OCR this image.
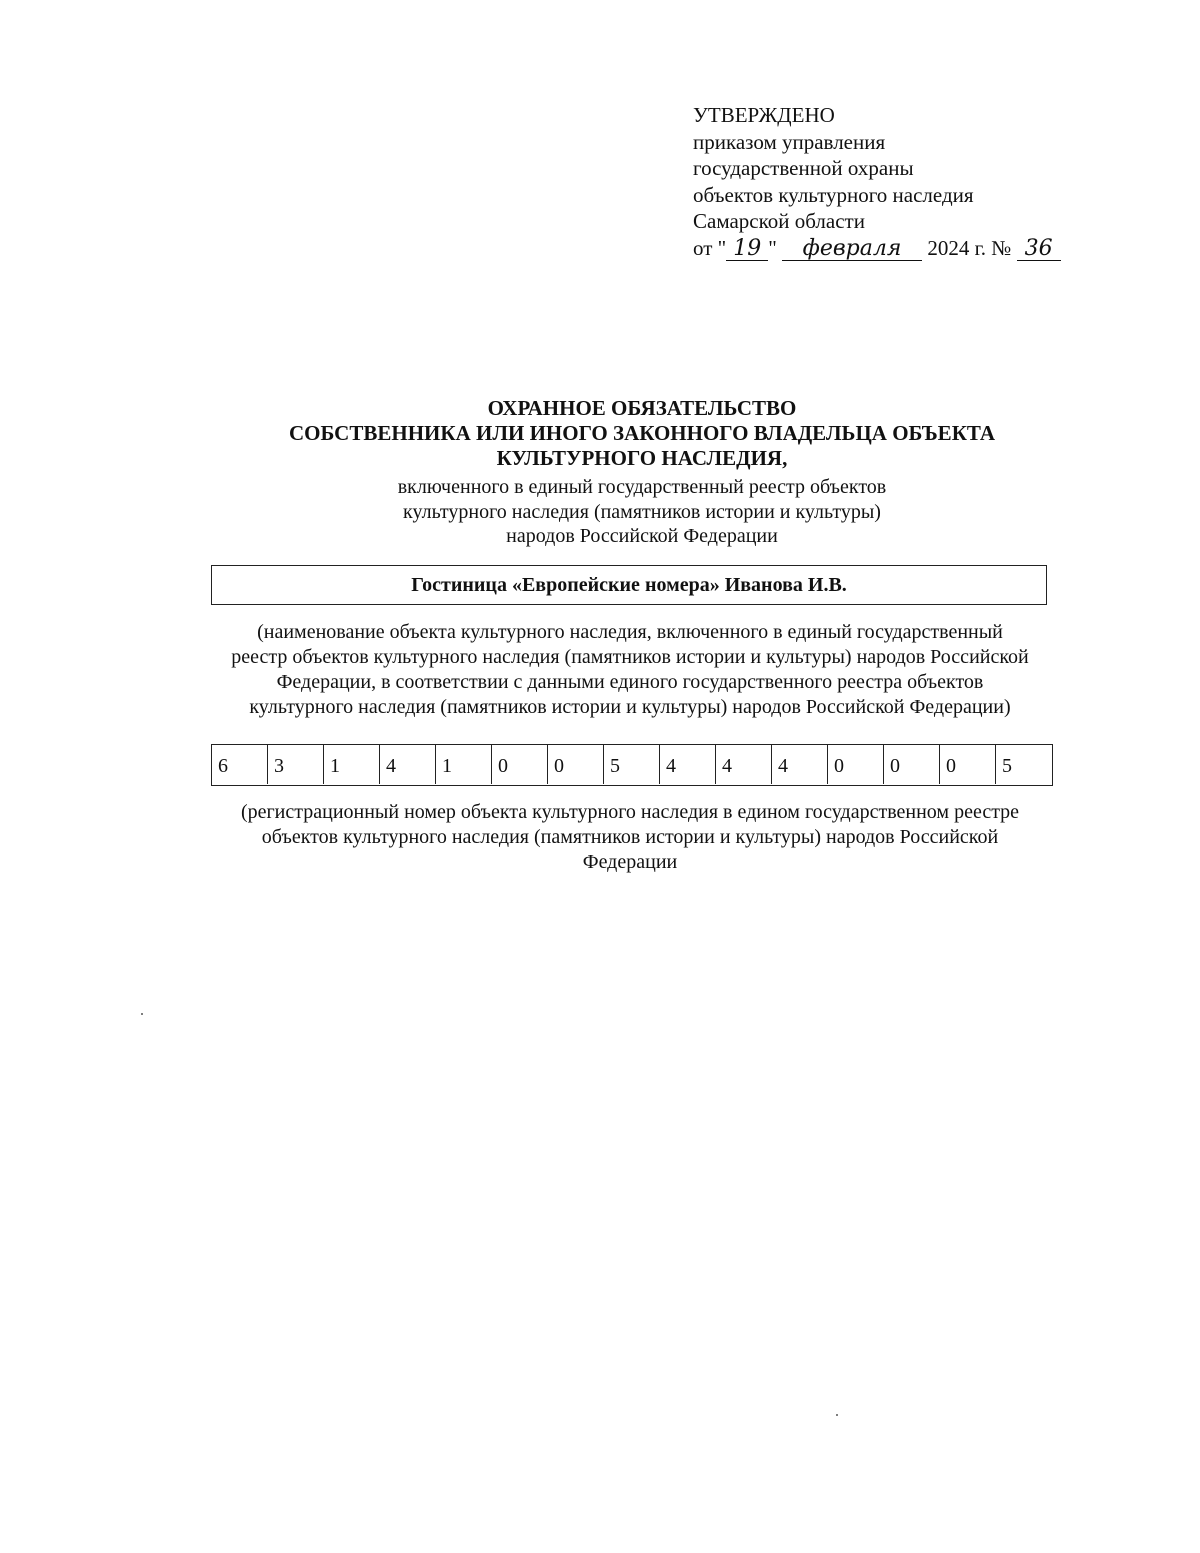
УТВЕРЖДЕНО
приказом управления
государственной охраны
объектов культурного наследия
Самарской области
от " 19 " февраля 2024 г. № 36
ОХРАННОЕ ОБЯЗАТЕЛЬСТВО
СОБСТВЕННИКА ИЛИ ИНОГО ЗАКОННОГО ВЛАДЕЛЬЦА ОБЪЕКТА
КУЛЬТУРНОГО НАСЛЕДИЯ,
включенного в единый государственный реестр объектов
культурного наследия (памятников истории и культуры)
народов Российской Федерации
Гостиница «Европейские номера» Иванова И.В.
(наименование объекта культурного наследия, включенного в единый государственный
реестр объектов культурного наследия (памятников истории и культуры) народов Российской
Федерации, в соответствии с данными единого государственного реестра объектов
культурного наследия (памятников истории и культуры) народов Российской Федерации)
6	3	1	4	1	0	0	5	4	4	4	0	0	0	5
(регистрационный номер объекта культурного наследия в едином государственном реестре
объектов культурного наследия (памятников истории и культуры) народов Российской
Федерации
